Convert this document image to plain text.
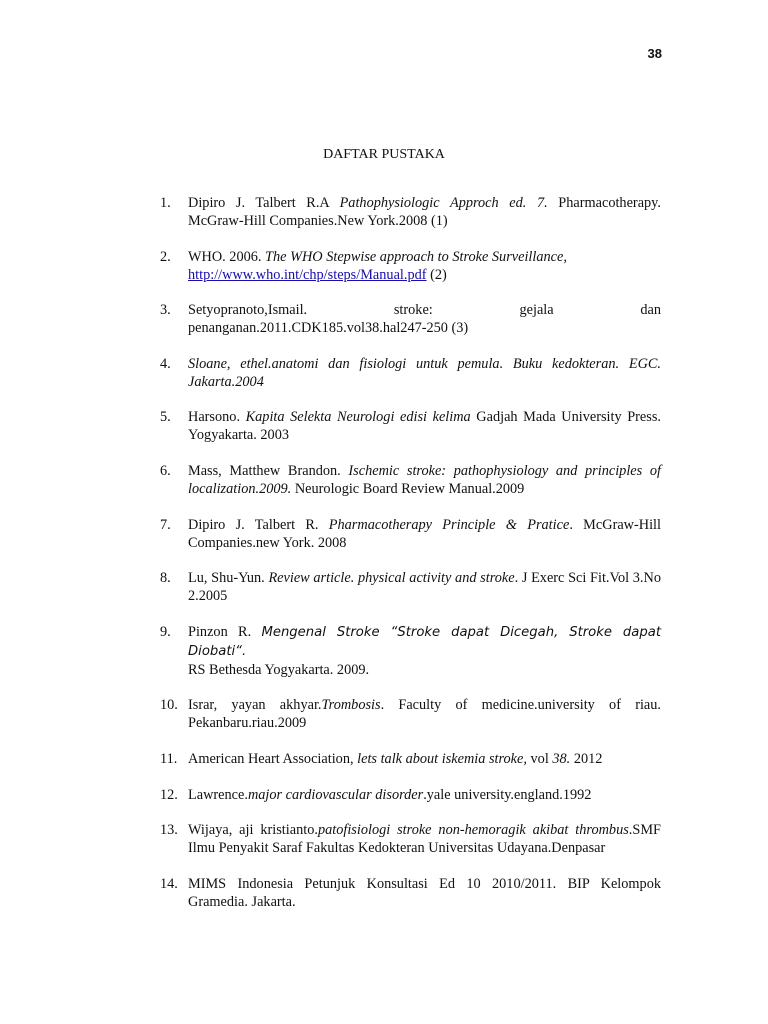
38
DAFTAR PUSTAKA
1. Dipiro J. Talbert R.A Pathophysiologic Approch ed. 7. Pharmacotherapy. McGraw-Hill Companies.New York.2008 (1)
2. WHO. 2006. The WHO Stepwise approach to Stroke Surveillance,
http://www.who.int/chp/steps/Manual.pdf (2)
3. Setyopranoto,Ismail.	stroke:	gejala	dan
penanganan.2011.CDK185.vol38.hal247-250 (3)
4. Sloane, ethel.anatomi dan fisiologi untuk pemula. Buku kedokteran. EGC. Jakarta.2004
5. Harsono. Kapita Selekta Neurologi edisi kelima Gadjah Mada University Press. Yogyakarta. 2003
6. Mass, Matthew Brandon. Ischemic stroke: pathophysiology and principles of localization.2009. Neurologic Board Review Manual.2009
7. Dipiro J. Talbert R. Pharmacotherapy Principle & Pratice. McGraw-Hill Companies.new York. 2008
8. Lu, Shu-Yun. Review article. physical activity and stroke. J Exerc Sci Fit.Vol 3.No 2.2005
9. Pinzon R. Mengenal Stroke “Stroke dapat Dicegah, Stroke dapat Diobati“.
RS Bethesda Yogyakarta. 2009.
10. Israr, yayan akhyar.Trombosis. Faculty of medicine.university of riau. Pekanbaru.riau.2009
11. American Heart Association, lets talk about iskemia stroke, vol 38. 2012
12. Lawrence.major cardiovascular disorder.yale university.england.1992
13. Wijaya, aji kristianto.patofisiologi stroke non-hemoragik akibat thrombus.SMF Ilmu Penyakit Saraf Fakultas Kedokteran Universitas Udayana.Denpasar
14. MIMS Indonesia Petunjuk Konsultasi Ed 10 2010/2011. BIP Kelompok Gramedia. Jakarta.
